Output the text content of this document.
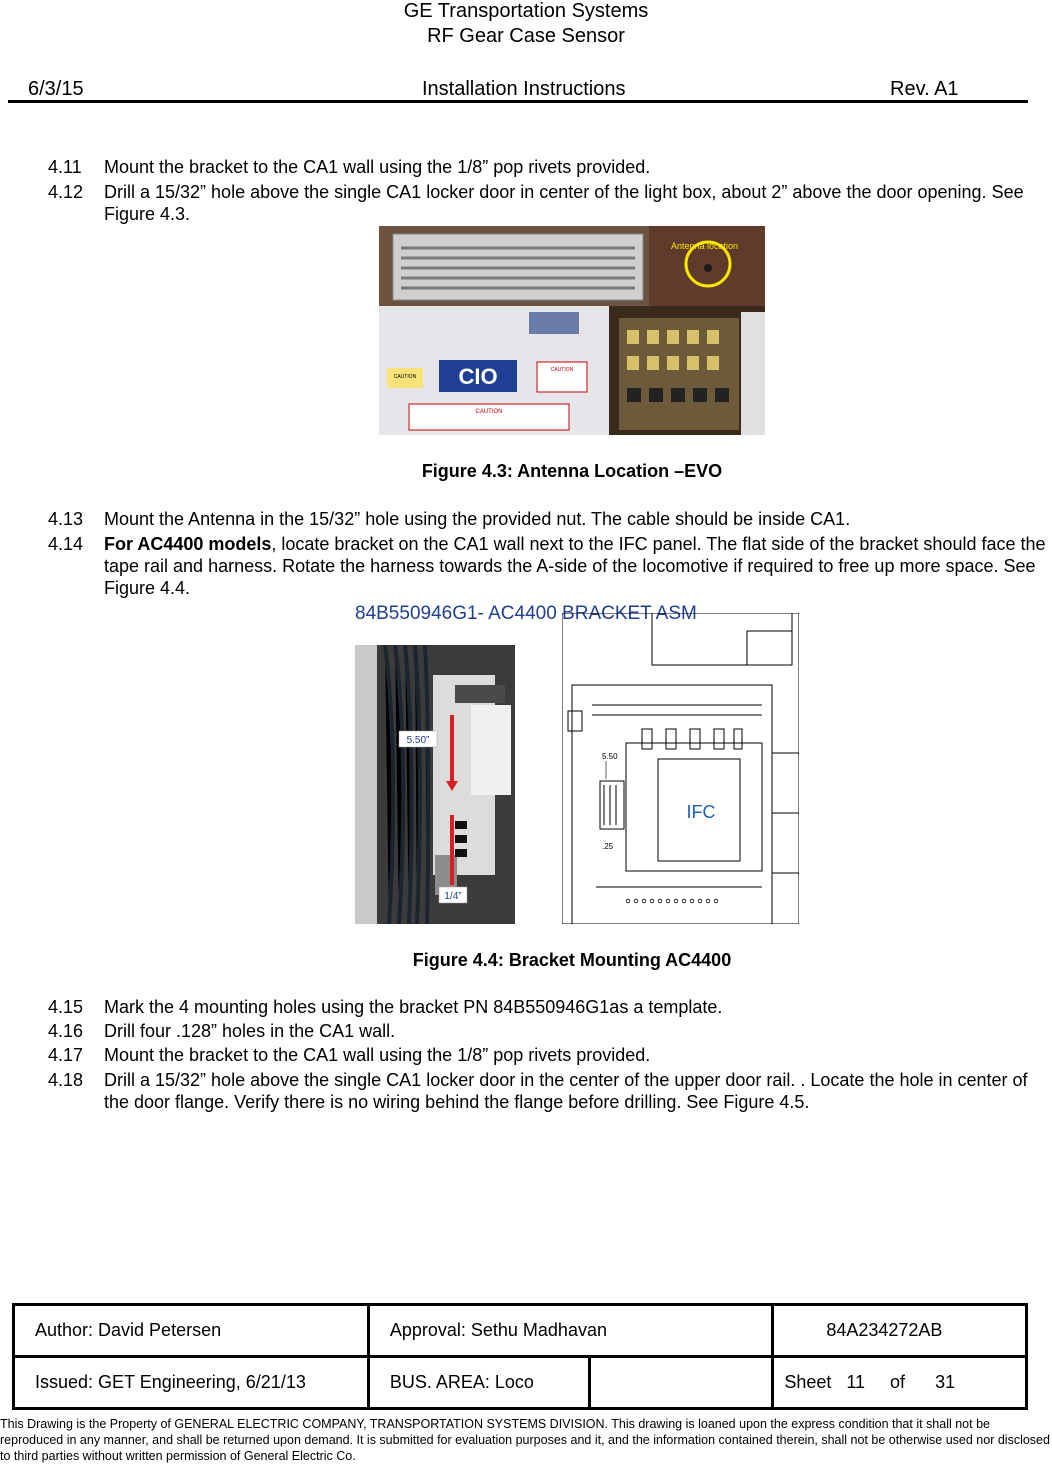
GE Transportation Systems
RF Gear Case Sensor
6/3/15	Installation Instructions	Rev. A1
4.11	Mount the bracket to the CA1 wall using the 1/8” pop rivets provided.
4.12	Drill a 15/32” hole above the single CA1 locker door in center of the light box, about 2” above the door opening. See Figure 4.3.
Antenna location
CIO
CAUTION
CAUTION
CAUTION
Figure 4.3: Antenna Location –EVO
4.13	Mount the Antenna in the 15/32” hole using the provided nut. The cable should be inside CA1.
4.14	For AC4400 models, locate bracket on the CA1 wall next to the IFC panel. The flat side of the bracket should face the tape rail and harness. Rotate the harness towards the A-side of the locomotive if required to free up more space. See Figure 4.4.
84B550946G1- AC4400 BRACKET ASM
5.50”
1/4”
5.50
.25
IFC
Figure 4.4: Bracket Mounting AC4400
4.15	Mark the 4 mounting holes using the bracket PN 84B550946G1as a template.
4.16	Drill four .128” holes in the CA1 wall.
4.17	Mount the bracket to the CA1 wall using the 1/8” pop rivets provided.
4.18	Drill a 15/32” hole above the single CA1 locker door in the center of the upper door rail. . Locate the hole in center of the door flange. Verify there is no wiring behind the flange before drilling. See Figure 4.5.
Author: David Petersen	Approval: Sethu Madhavan		84A234272AB
Issued: GET Engineering, 6/21/13	BUS. AREA: Loco		Sheet   11     of      31
This Drawing is the Property of GENERAL ELECTRIC COMPANY, TRANSPORTATION SYSTEMS DIVISION. This drawing is loaned upon the express condition that it shall not be reproduced in any manner, and shall be returned upon demand. It is submitted for evaluation purposes and it, and the information contained therein, shall not be otherwise used nor disclosed to third parties without written permission of General Electric Co.
